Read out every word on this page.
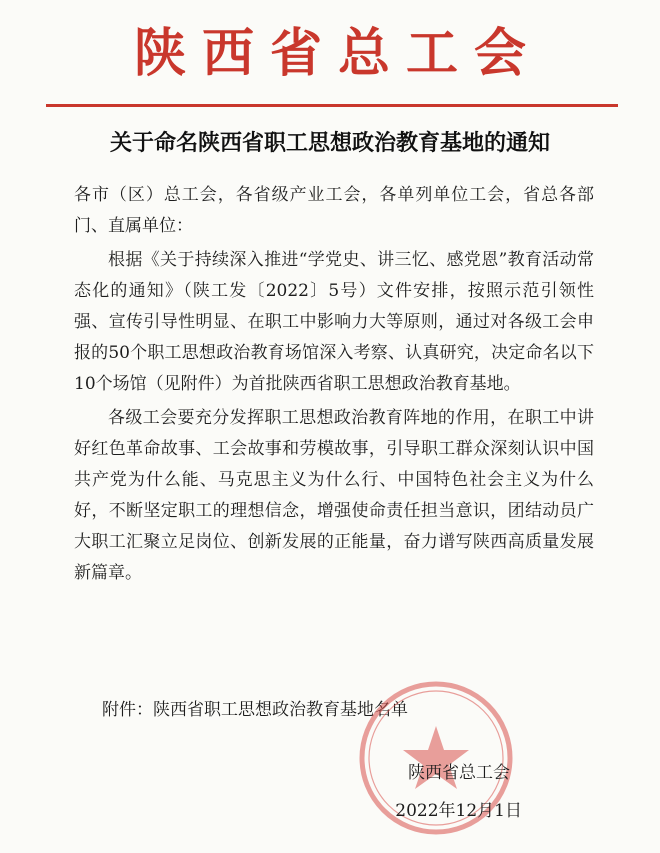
陕西省总工会
关于命名陕西省职工思想政治教育基地的通知

各市（区）总工会，各省级产业工会，各单列单位工会，省总各部门、直属单位：

根据《关于持续深入推进“学党史、讲三忆、感党恩”教育活动常态化的通知》（陕工发〔2022〕5号）文件安排，按照示范引领性强、宣传引导性明显、在职工中影响力大等原则，通过对各级工会申报的50个职工思想政治教育场馆深入考察、认真研究，决定命名以下10个场馆（见附件）为首批陕西省职工思想政治教育基地。

各级工会要充分发挥职工思想政治教育阵地的作用，在职工中讲好红色革命故事、工会故事和劳模故事，引导职工群众深刻认识中国共产党为什么能、马克思主义为什么行、中国特色社会主义为什么好，不断坚定职工的理想信念，增强使命责任担当意识，团结动员广大职工汇聚立足岗位、创新发展的正能量，奋力谱写陕西高质量发展新篇章。

附件：陕西省职工思想政治教育基地名单
陕西省总工会
2022年12月1日
